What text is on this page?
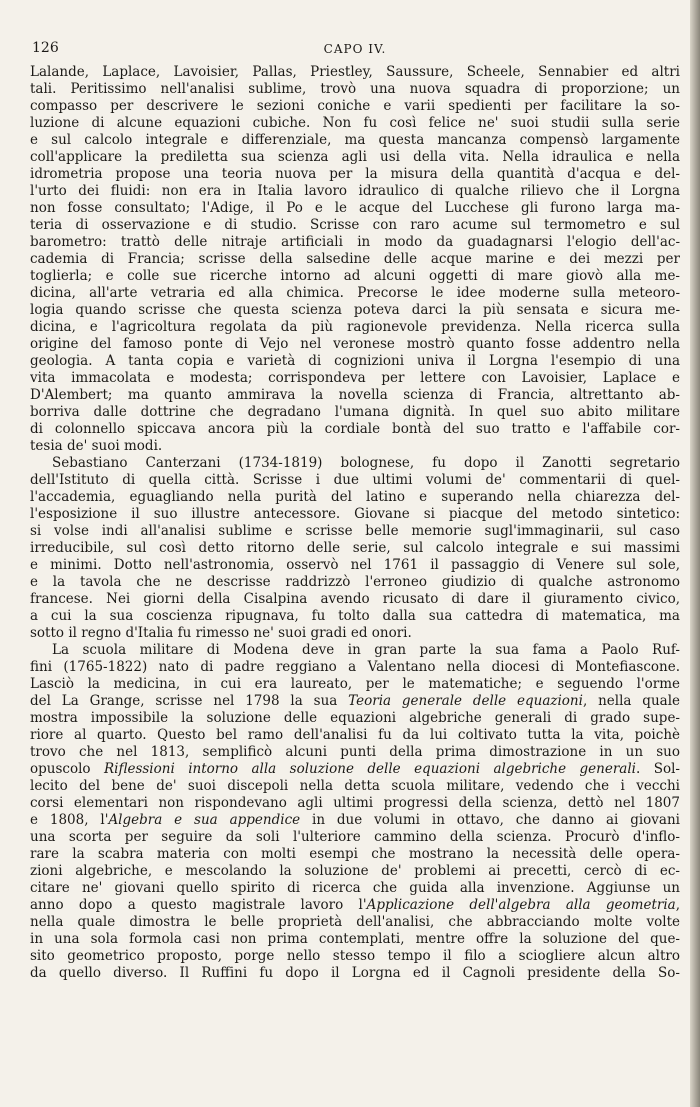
126	CAPO IV.
Lalande, Laplace, Lavoisier, Pallas, Priestley, Saussure, Scheele, Sennabier ed altri
tali. Peritissimo nell'analisi sublime, trovò una nuova squadra di proporzione; un
compasso per descrivere le sezioni coniche e varii spedienti per facilitare la so-
luzione di alcune equazioni cubiche. Non fu così felice ne' suoi studii sulla serie
e sul calcolo integrale e differenziale, ma questa mancanza compensò largamente
coll'applicare la prediletta sua scienza agli usi della vita. Nella idraulica e nella
idrometria propose una teoria nuova per la misura della quantità d'acqua e del-
l'urto dei fluidi: non era in Italia lavoro idraulico di qualche rilievo che il Lorgna
non fosse consultato; l'Adige, il Po e le acque del Lucchese gli furono larga ma-
teria di osservazione e di studio. Scrisse con raro acume sul termometro e sul
barometro: trattò delle nitraje artificiali in modo da guadagnarsi l'elogio dell'ac-
cademia di Francia; scrisse della salsedine delle acque marine e dei mezzi per
toglierla; e colle sue ricerche intorno ad alcuni oggetti di mare giovò alla me-
dicina, all'arte vetraria ed alla chimica. Precorse le idee moderne sulla meteoro-
logia quando scrisse che questa scienza poteva darci la più sensata e sicura me-
dicina, e l'agricoltura regolata da più ragionevole previdenza. Nella ricerca sulla
origine del famoso ponte di Vejo nel veronese mostrò quanto fosse addentro nella
geologia. A tanta copia e varietà di cognizioni univa il Lorgna l'esempio di una
vita immacolata e modesta; corrispondeva per lettere con Lavoisier, Laplace e
D'Alembert; ma quanto ammirava la novella scienza di Francia, altrettanto ab-
borriva dalle dottrine che degradano l'umana dignità. In quel suo abito militare
di colonnello spiccava ancora più la cordiale bontà del suo tratto e l'affabile cor-
tesia de' suoi modi.
Sebastiano Canterzani (1734-1819) bolognese, fu dopo il Zanotti segretario
dell'Istituto di quella città. Scrisse i due ultimi volumi de' commentarii di quel-
l'accademia, eguagliando nella purità del latino e superando nella chiarezza del-
l'esposizione il suo illustre antecessore. Giovane si piacque del metodo sintetico:
si volse indi all'analisi sublime e scrisse belle memorie sugl'immaginarii, sul caso
irreducibile, sul così detto ritorno delle serie, sul calcolo integrale e sui massimi
e minimi. Dotto nell'astronomia, osservò nel 1761 il passaggio di Venere sul sole,
e la tavola che ne descrisse raddrizzò l'erroneo giudizio di qualche astronomo
francese. Nei giorni della Cisalpina avendo ricusato di dare il giuramento civico,
a cui la sua coscienza ripugnava, fu tolto dalla sua cattedra di matematica, ma
sotto il regno d'Italia fu rimesso ne' suoi gradi ed onori.
La scuola militare di Modena deve in gran parte la sua fama a Paolo Ruf-
fini (1765-1822) nato di padre reggiano a Valentano nella diocesi di Montefiascone.
Lasciò la medicina, in cui era laureato, per le matematiche; e seguendo l'orme
del La Grange, scrisse nel 1798 la sua Teoria generale delle equazioni, nella quale
mostra impossibile la soluzione delle equazioni algebriche generali di grado supe-
riore al quarto. Questo bel ramo dell'analisi fu da lui coltivato tutta la vita, poichè
trovo che nel 1813, semplificò alcuni punti della prima dimostrazione in un suo
opuscolo Riflessioni intorno alla soluzione delle equazioni algebriche generali. Sol-
lecito del bene de' suoi discepoli nella detta scuola militare, vedendo che i vecchi
corsi elementari non rispondevano agli ultimi progressi della scienza, dettò nel 1807
e 1808, l'Algebra e sua appendice in due volumi in ottavo, che danno ai giovani
una scorta per seguire da soli l'ulteriore cammino della scienza. Procurò d'inflo-
rare la scabra materia con molti esempi che mostrano la necessità delle opera-
zioni algebriche, e mescolando la soluzione de' problemi ai precetti, cercò di ec-
citare ne' giovani quello spirito di ricerca che guida alla invenzione. Aggiunse un
anno dopo a questo magistrale lavoro l'Applicazione dell'algebra alla geometria,
nella quale dimostra le belle proprietà dell'analisi, che abbracciando molte volte
in una sola formola casi non prima contemplati, mentre offre la soluzione del que-
sito geometrico proposto, porge nello stesso tempo il filo a sciogliere alcun altro
da quello diverso. Il Ruffini fu dopo il Lorgna ed il Cagnoli presidente della So-
